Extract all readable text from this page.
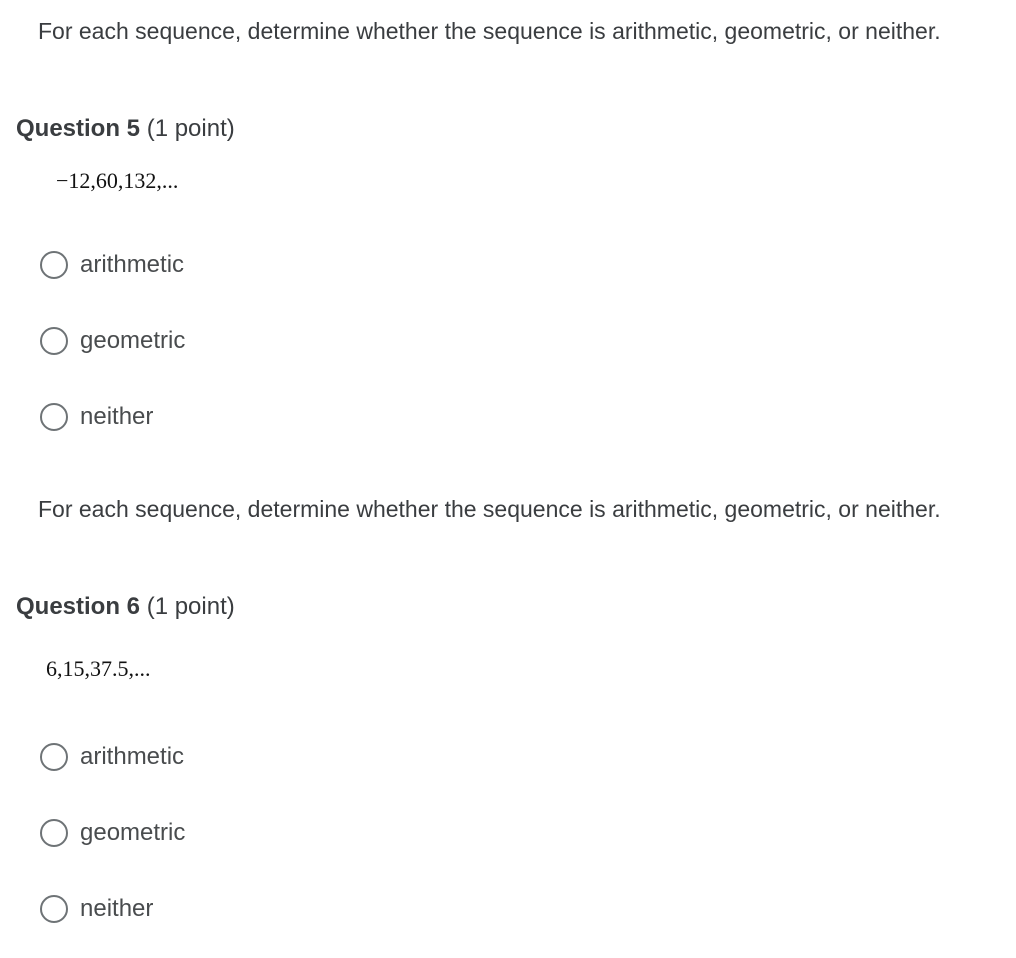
For each sequence, determine whether the sequence is arithmetic, geometric, or neither.

Question 5 (1 point)
−12,60,132,...
arithmetic
geometric
neither

For each sequence, determine whether the sequence is arithmetic, geometric, or neither.

Question 6 (1 point)
6,15,37.5,...
arithmetic
geometric
neither
